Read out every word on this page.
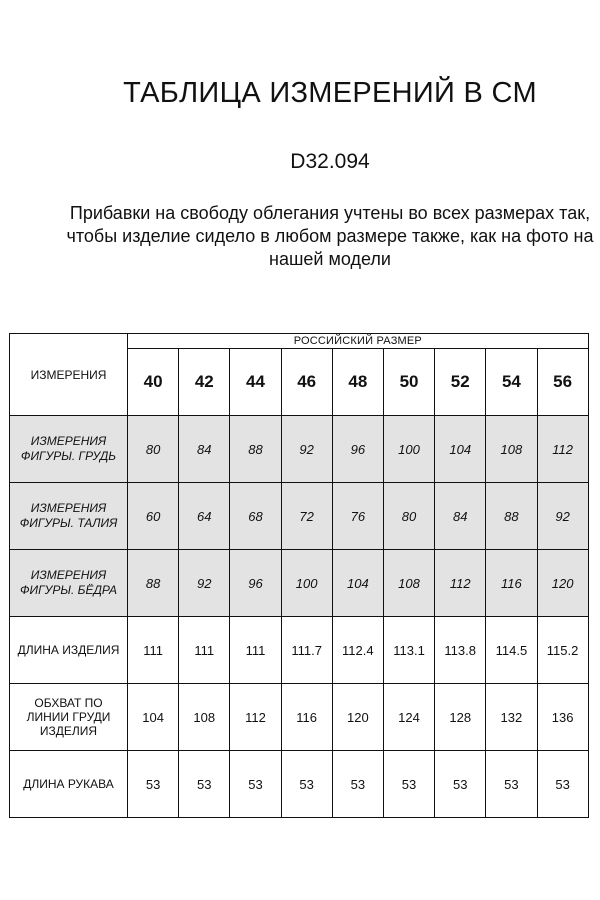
ТАБЛИЦА ИЗМЕРЕНИЙ В СМ
D32.094
Прибавки на свободу облегания учтены во всех размерах так,
чтобы изделие сидело в любом размере также, как на фото на
нашей модели
ИЗМЕРЕНИЯ	РОССИЙСКИЙ РАЗМЕР								
	40	42	44	46	48	50	52	54	56

ИЗМЕРЕНИЯ
ФИГУРЫ. ГРУДЬ	80	84	88	92	96	100	104	108	112

ИЗМЕРЕНИЯ
ФИГУРЫ. ТАЛИЯ	60	64	68	72	76	80	84	88	92

ИЗМЕРЕНИЯ
ФИГУРЫ. БЁДРА	88	92	96	100	104	108	112	116	120

ДЛИНА ИЗДЕЛИЯ	111	111	111	111.7	112.4	113.1	113.8	114.5	115.2

ОБХВАТ ПО
ЛИНИИ ГРУДИ
ИЗДЕЛИЯ	104	108	112	116	120	124	128	132	136

ДЛИНА РУКАВА	53	53	53	53	53	53	53	53	53
